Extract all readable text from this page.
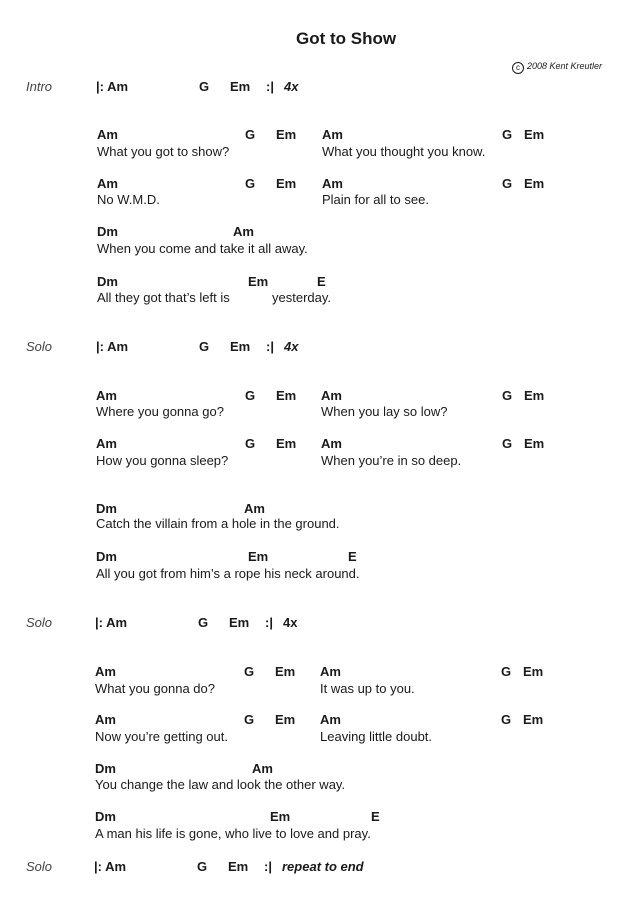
Got to Show
c 2008 Kent Kreutler
Intro	|: Am	G Em :| 4x
Am	G Em Am	G Em
What you got to show?	What you thought you know.
Am	G Em Am	G Em
No W.M.D.	Plain for all to see.
Dm	Am
When you come and take it all away.
Dm	Em	E
All they got that’s left is	yesterday.
Solo	|: Am	G Em :| 4x
Am	G Em Am	G Em
Where you gonna go?	When you lay so low?
Am	G Em Am	G Em
How you gonna sleep?	When you’re in so deep.
Dm	Am
Catch the villain from a hole in the ground.
Dm	Em	E
All you got from him’s a rope his neck around.
Solo	|: Am	G Em :| 4x
Am	G Em Am	G Em
What you gonna do?	It was up to you.
Am	G Em Am	G Em
Now you’re getting out.	Leaving little doubt.
Dm	Am
You change the law and look the other way.
Dm	Em	E
A man his life is gone, who live to love and pray.
Solo	|: Am	G Em :| repeat to end
